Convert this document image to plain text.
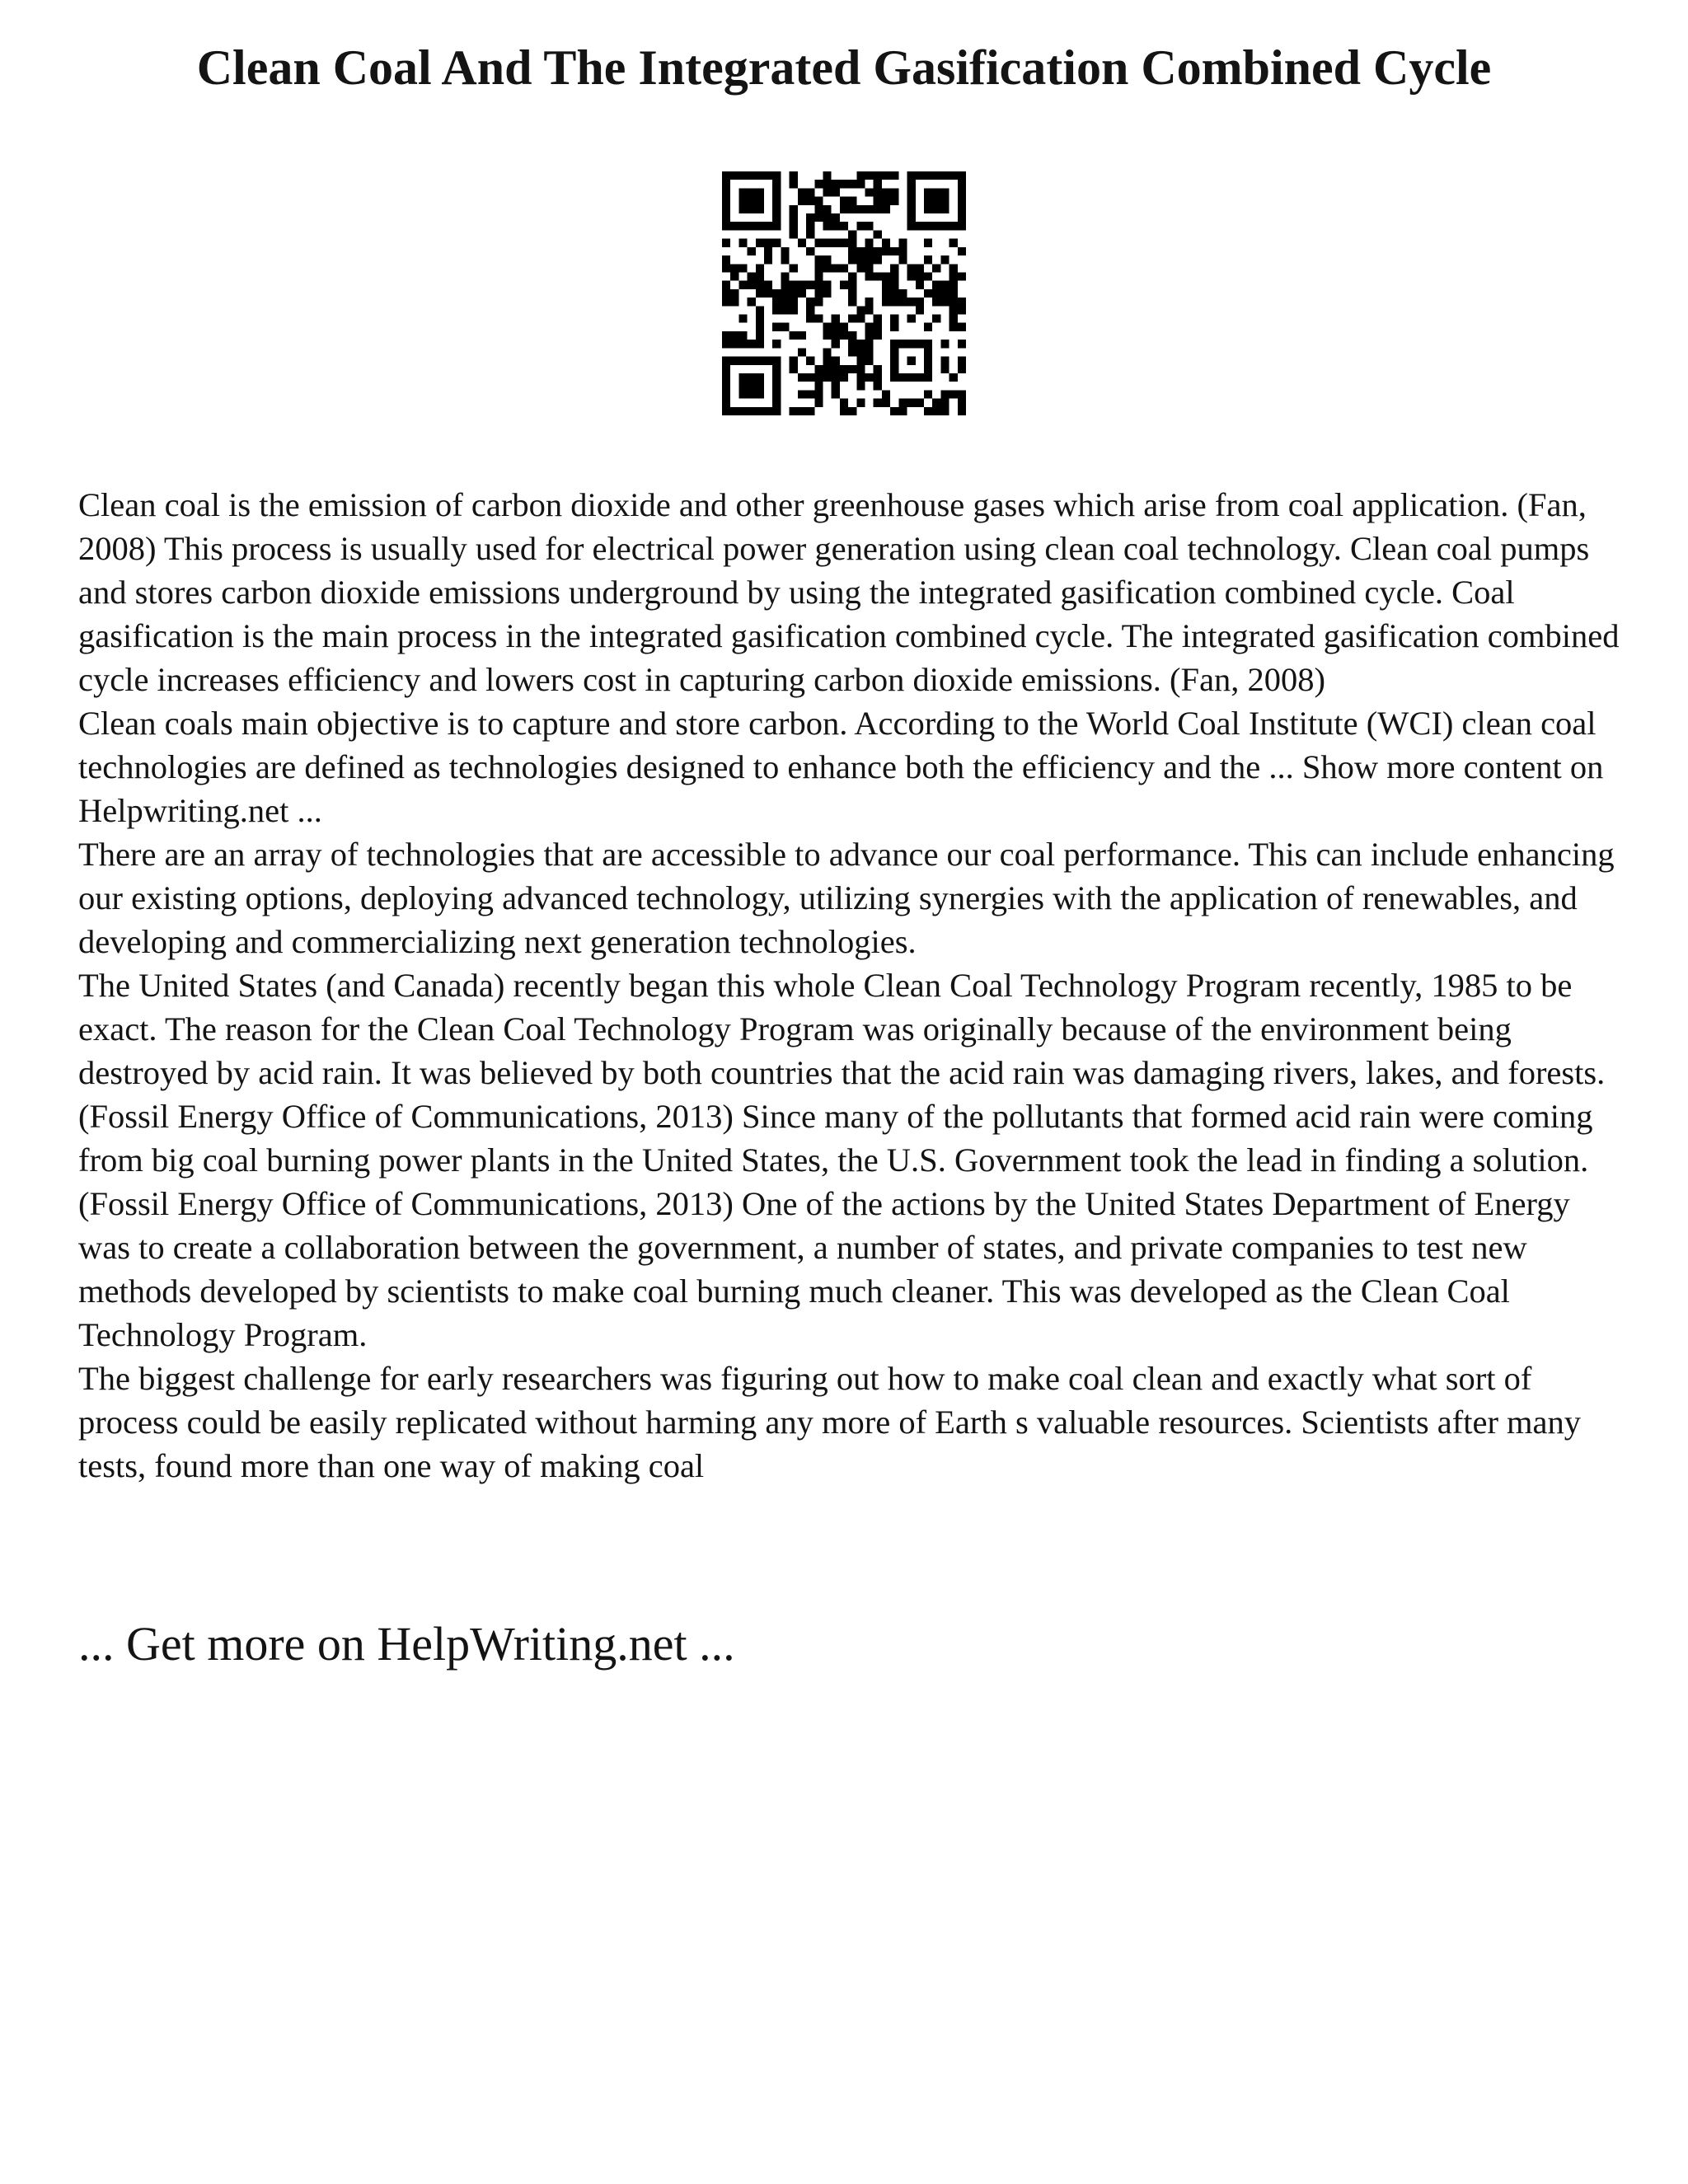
Clean Coal And The Integrated Gasification Combined Cycle

Clean coal is the emission of carbon dioxide and other greenhouse gases which arise from coal application. (Fan, 2008) This process is usually used for electrical power generation using clean coal technology. Clean coal pumps and stores carbon dioxide emissions underground by using the integrated gasification combined cycle. Coal gasification is the main process in the integrated gasification combined cycle. The integrated gasification combined cycle increases efficiency and lowers cost in capturing carbon dioxide emissions. (Fan, 2008)

Clean coals main objective is to capture and store carbon. According to the World Coal Institute (WCI) clean coal technologies are defined as technologies designed to enhance both the efficiency and the ... Show more content on Helpwriting.net ...

There are an array of technologies that are accessible to advance our coal performance. This can include enhancing our existing options, deploying advanced technology, utilizing synergies with the application of renewables, and developing and commercializing next generation technologies.

The United States (and Canada) recently began this whole Clean Coal Technology Program recently, 1985 to be exact. The reason for the Clean Coal Technology Program was originally because of the environment being destroyed by acid rain. It was believed by both countries that the acid rain was damaging rivers, lakes, and forests. (Fossil Energy Office of Communications, 2013) Since many of the pollutants that formed acid rain were coming from big coal burning power plants in the United States, the U.S. Government took the lead in finding a solution. (Fossil Energy Office of Communications, 2013) One of the actions by the United States Department of Energy was to create a collaboration between the government, a number of states, and private companies to test new methods developed by scientists to make coal burning much cleaner. This was developed as the Clean Coal Technology Program.

The biggest challenge for early researchers was figuring out how to make coal clean and exactly what sort of process could be easily replicated without harming any more of Earth s valuable resources. Scientists after many tests, found more than one way of making coal

... Get more on HelpWriting.net ...
